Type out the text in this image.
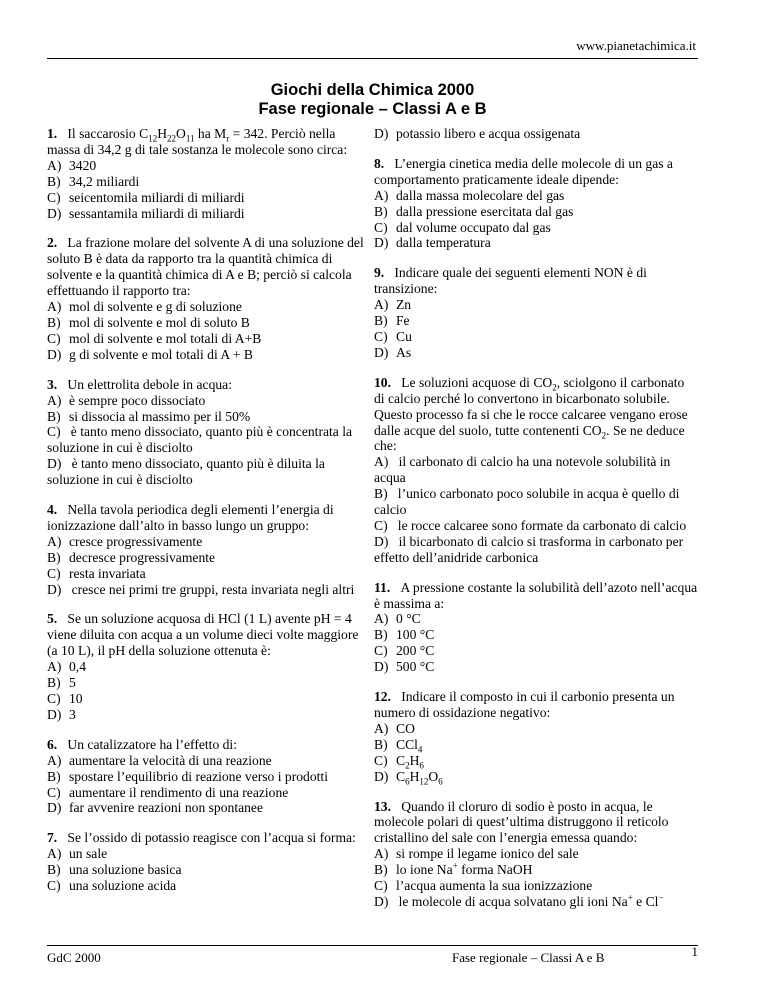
www.pianetachimica.it
Giochi della Chimica 2000
Fase regionale – Classi A e B

1. Il saccarosio $C_{12}H_{22}O_{11}$ ha $M_r = 342$. Perciò nella massa di 34,2 g di tale sostanza le molecole sono circa:

A) 3420
B) 34,2 miliardi
C) seicentomila miliardi di miliardi
D) sessantamila miliardi di miliardi

2. La frazione molare del solvente A di una soluzione del soluto B è data da rapporto tra la quantità chimica di solvente e la quantità chimica di A e B; perciò si calcola effettuando il rapporto tra:

A) mol di solvente e g di soluzione
B) mol di solvente e mol di soluto B
C) mol di solvente e mol totali di A+B
D) g di solvente e mol totali di A + B

3. Un elettrolita debole in acqua:

A) è sempre poco dissociato
B) si dissocia al massimo per il 50%
C) è tanto meno dissociato, quanto più è concentrata la soluzione in cui è disciolto
D) è tanto meno dissociato, quanto più è diluita la soluzione in cui è disciolto

4. Nella tavola periodica degli elementi l’energia di ionizzazione dall’alto in basso lungo un gruppo:

A) cresce progressivamente
B) decresce progressivamente
C) resta invariata
D) cresce nei primi tre gruppi, resta invariata negli altri

5. Se un soluzione acquosa di HCl (1 L) avente pH = 4 viene diluita con acqua a un volume dieci volte maggiore (a 10 L), il pH della soluzione ottenuta è:

A) 0,4
B) 5
C) 10
D) 3

6. Un catalizzatore ha l’effetto di:

A) aumentare la velocità di una reazione
B) spostare l’equilibrio di reazione verso i prodotti
C) aumentare il rendimento di una reazione
D) far avvenire reazioni non spontanee

7. Se l’ossido di potassio reagisce con l’acqua si forma:

A) un sale
B) una soluzione basica
C) una soluzione acida
D) potassio libero e acqua ossigenata

8. L’energia cinetica media delle molecole di un gas a comportamento praticamente ideale dipende:

A) dalla massa molecolare del gas
B) dalla pressione esercitata dal gas
C) dal volume occupato dal gas
D) dalla temperatura

9. Indicare quale dei seguenti elementi NON è di transizione:

A) Zn
B) Fe
C) Cu
D) As

10. Le soluzioni acquose di $CO_2$, sciolgono il carbonato di calcio perché lo convertono in bicarbonato solubile. Questo processo fa si che le rocce calcaree vengano erose dalle acque del suolo, tutte contenenti $CO_2$. Se ne deduce che:

A) il carbonato di calcio ha una notevole solubilità in acqua
B) l’unico carbonato poco solubile in acqua è quello di calcio
C) le rocce calcaree sono formate da carbonato di calcio
D) il bicarbonato di calcio si trasforma in carbonato per effetto dell’anidride carbonica

11. A pressione costante la solubilità dell’azoto nell’acqua è massima a:

A) 0 °C
B) 100 °C
C) 200 °C
D) 500 °C

12. Indicare il composto in cui il carbonio presenta un numero di ossidazione negativo:

A) CO
B) CCl$_4$
C) $C_2H_6$
D) $C_6H_{12}O_6$

13. Quando il cloruro di sodio è posto in acqua, le molecole polari di quest’ultima distruggono il reticolo cristallino del sale con l’energia emessa quando:

A) si rompe il legame ionico del sale
B) lo ione Na+ forma NaOH
C) l’acqua aumenta la sua ionizzazione
D) le molecole di acqua solvatano gli ioni Na+ e Cl−
GdC 2000	Fase regionale – Classi A e B	1
